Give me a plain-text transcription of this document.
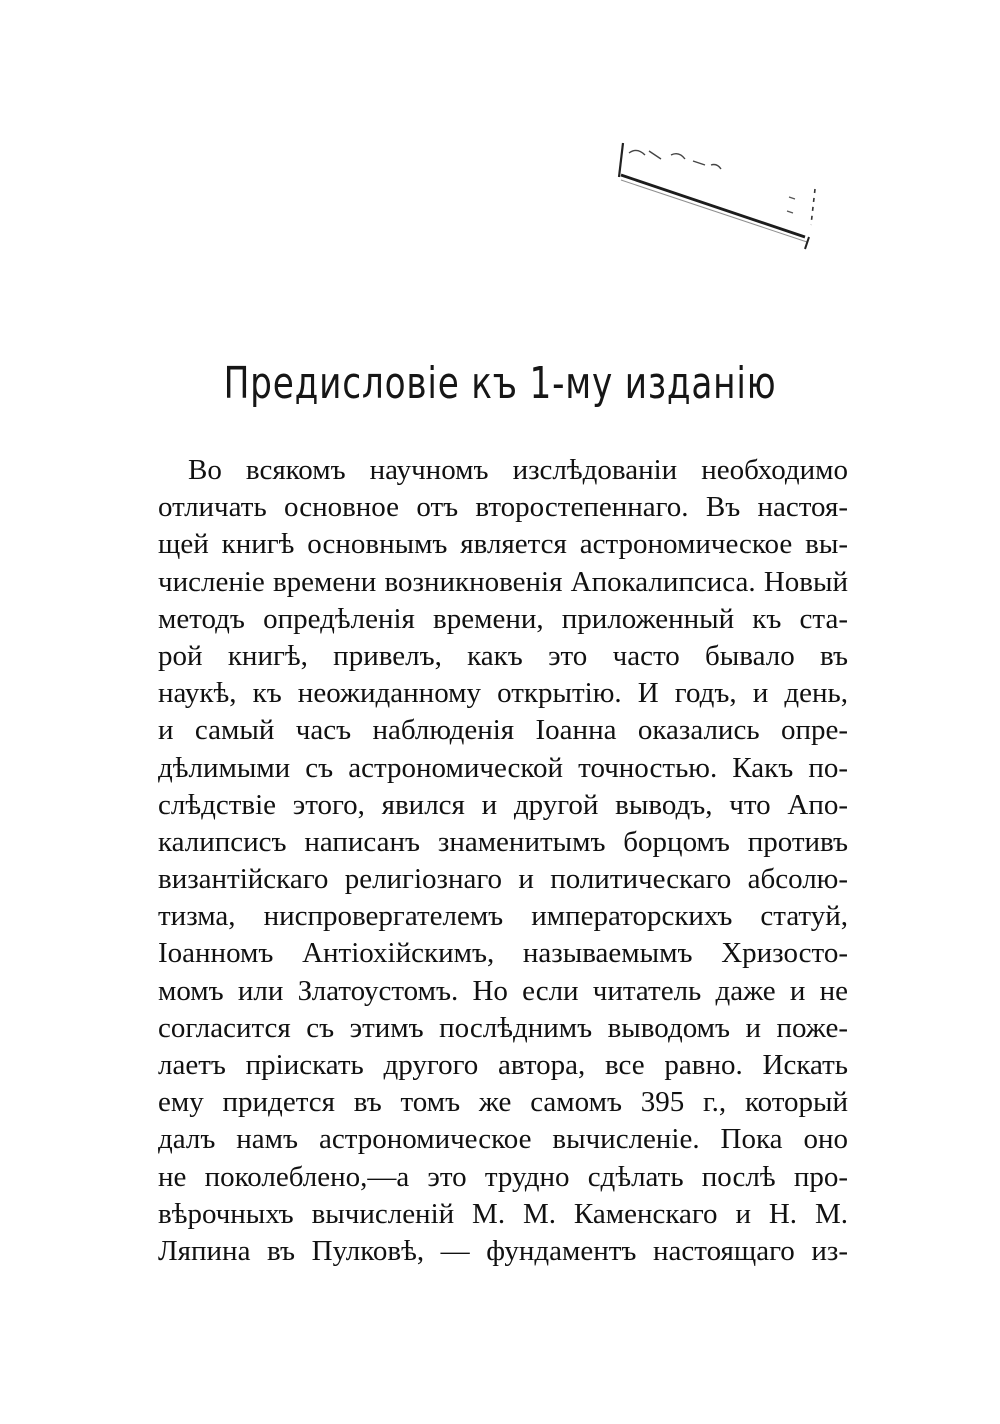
Предисловіе къ 1-му изданію
Во всякомъ научномъ изслѣдованіи необходимо
отличать основное отъ второстепеннаго. Въ настоя-
щей книгѣ основнымъ является астрономическое вы-
численіе времени возникновенія Апокалипсиса. Новый
методъ опредѣленія времени, приложенный къ ста-
рой книгѣ, привелъ, какъ это часто бывало въ
наукѣ, къ неожиданному открытію. И годъ, и день,
и самый часъ наблюденія Іоанна оказались опре-
дѣлимыми съ астрономической точностью. Какъ по-
слѣдствіе этого, явился и другой выводъ, что Апо-
калипсисъ написанъ знаменитымъ борцомъ противъ
византійскаго религіознаго и политическаго абсолю-
тизма, ниспровергателемъ императорскихъ статуй,
Іоанномъ Антіохійскимъ, называемымъ Хризосто-
момъ или Златоустомъ. Но если читатель даже и не
согласится съ этимъ послѣднимъ выводомъ и поже-
лаетъ пріискать другого автора, все равно. Искать
ему придется въ томъ же самомъ 395 г., который
далъ намъ астрономическое вычисленіе. Пока оно
не поколеблено,—а это трудно сдѣлать послѣ про-
вѣрочныхъ вычисленій М. М. Каменскаго и Н. М.
Ляпина въ Пулковѣ, — фундаментъ настоящаго из-
